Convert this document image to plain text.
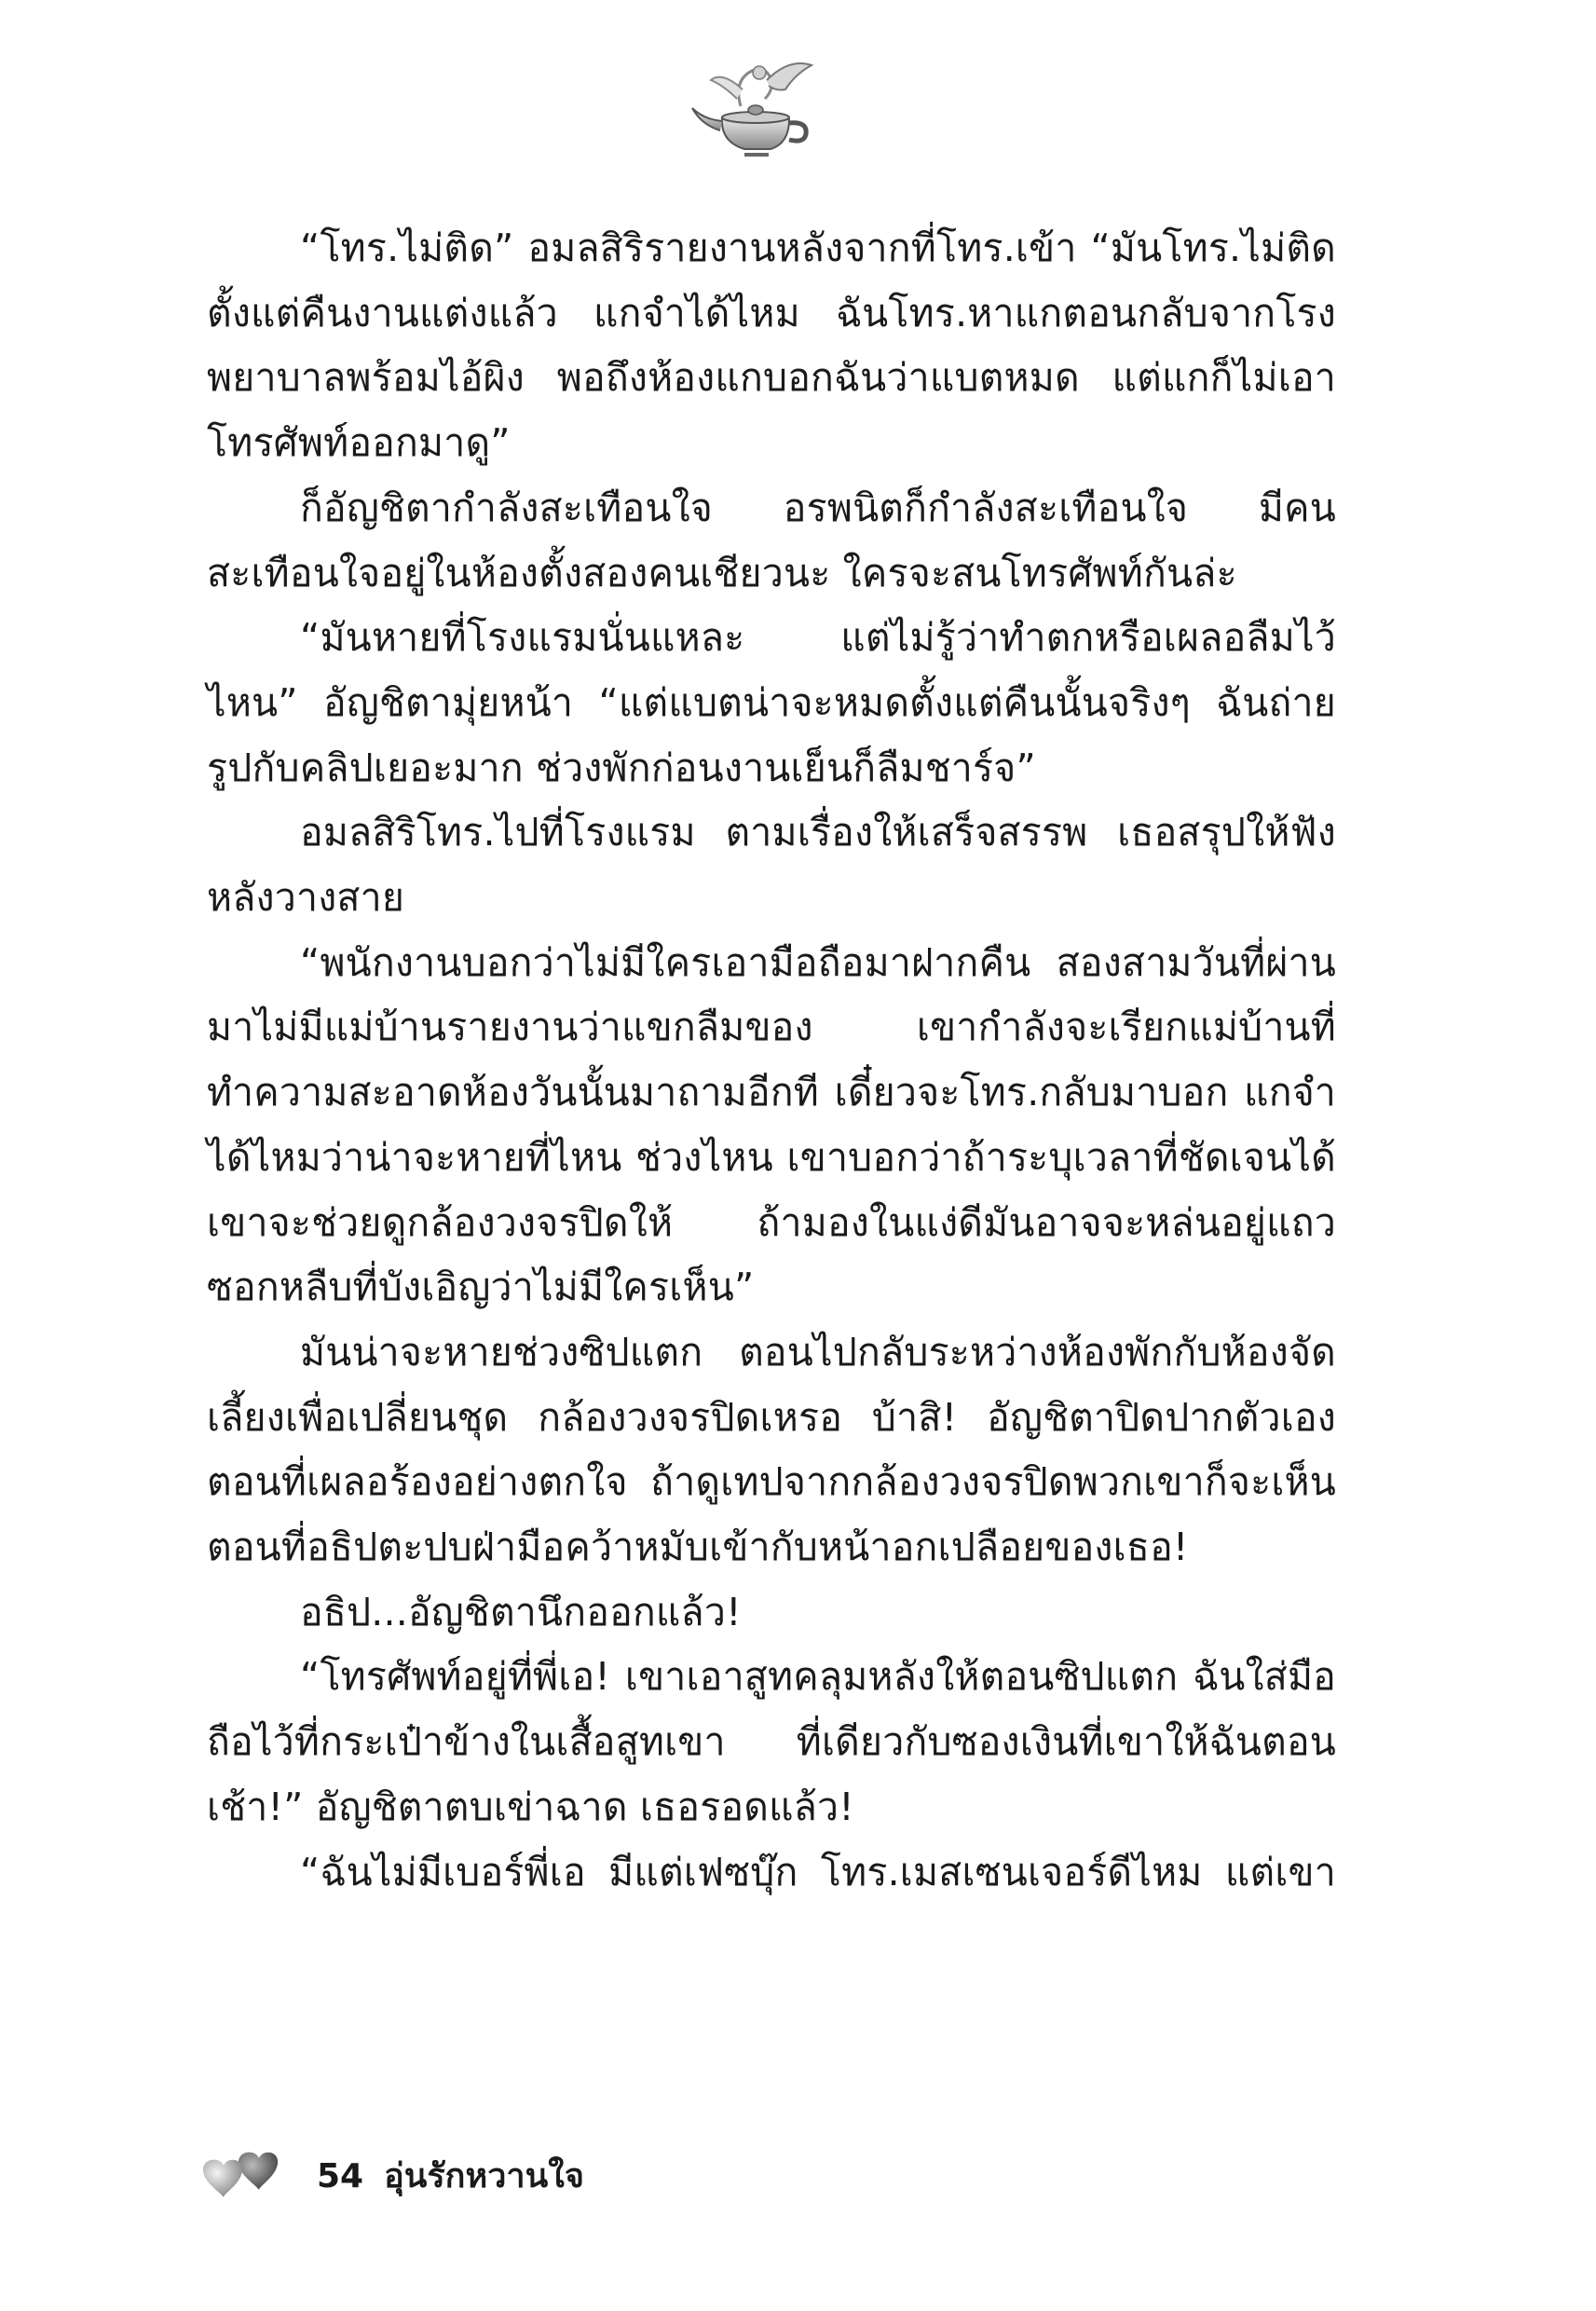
“โทร.ไม่ติด” อมลสิริรายงานหลังจากที่โทร.เข้า “มันโทร.ไม่ติดตั้งแต่คืนงานแต่งแล้ว แกจำได้ไหม ฉันโทร.หาแกตอนกลับจากโรงพยาบาลพร้อมไอ้ผิง พอถึงห้องแกบอกฉันว่าแบตหมด แต่แกก็ไม่เอาโทรศัพท์ออกมาดู”

ก็อัญชิตากำลังสะเทือนใจ อรพนิตก็กำลังสะเทือนใจ มีคนสะเทือนใจอยู่ในห้องตั้งสองคนเชียวนะ ใครจะสนโทรศัพท์กันล่ะ

“มันหายที่โรงแรมนั่นแหละ แต่ไม่รู้ว่าทำตกหรือเผลอลืมไว้ไหน” อัญชิตามุ่ยหน้า “แต่แบตน่าจะหมดตั้งแต่คืนนั้นจริงๆ ฉันถ่ายรูปกับคลิปเยอะมาก ช่วงพักก่อนงานเย็นก็ลืมชาร์จ”

อมลสิริโทร.ไปที่โรงแรม ตามเรื่องให้เสร็จสรรพ เธอสรุปให้ฟังหลังวางสาย

“พนักงานบอกว่าไม่มีใครเอามือถือมาฝากคืน สองสามวันที่ผ่านมาไม่มีแม่บ้านรายงานว่าแขกลืมของ เขากำลังจะเรียกแม่บ้านที่ทำความสะอาดห้องวันนั้นมาถามอีกที เดี๋ยวจะโทร.กลับมาบอก แกจำได้ไหมว่าน่าจะหายที่ไหน ช่วงไหน เขาบอกว่าถ้าระบุเวลาที่ชัดเจนได้เขาจะช่วยดูกล้องวงจรปิดให้ ถ้ามองในแง่ดีมันอาจจะหล่นอยู่แถวซอกหลืบที่บังเอิญว่าไม่มีใครเห็น”

มันน่าจะหายช่วงซิปแตก ตอนไปกลับระหว่างห้องพักกับห้องจัดเลี้ยงเพื่อเปลี่ยนชุด กล้องวงจรปิดเหรอ บ้าสิ! อัญชิตาปิดปากตัวเองตอนที่เผลอร้องอย่างตกใจ ถ้าดูเทปจากกล้องวงจรปิดพวกเขาก็จะเห็นตอนที่อธิปตะปบฝ่ามือคว้าหมับเข้ากับหน้าอกเปลือยของเธอ!

อธิป...อัญชิตานึกออกแล้ว!

“โทรศัพท์อยู่ที่พี่เอ! เขาเอาสูทคลุมหลังให้ตอนซิปแตก ฉันใส่มือถือไว้ที่กระเป๋าข้างในเสื้อสูทเขา ที่เดียวกับซองเงินที่เขาให้ฉันตอนเช้า!” อัญชิตาตบเข่าฉาด เธอรอดแล้ว!

“ฉันไม่มีเบอร์พี่เอ มีแต่เฟซบุ๊ก โทร.เมสเซนเจอร์ดีไหม แต่เขา

54 อุ่นรักหวานใจ
